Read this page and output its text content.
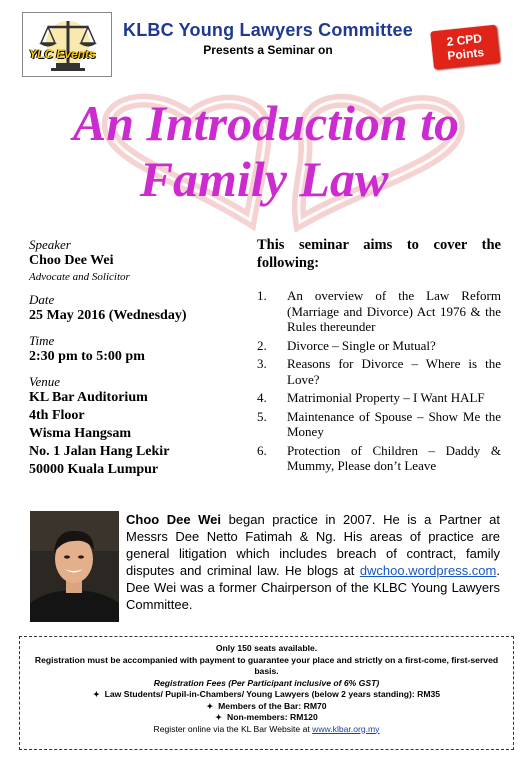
YLC Events
KLBC Young Lawyers Committee
Presents a Seminar on
2 CPD
Points
An Introduction to
Family Law
Speaker
Choo Dee Wei
Advocate and Solicitor
Date
25 May 2016 (Wednesday)
Time
2:30 pm to 5:00 pm
Venue
KL Bar Auditorium
4th Floor
Wisma Hangsam
No. 1 Jalan Hang Lekir
50000 Kuala Lumpur
This seminar aims to cover the
following:
1.	An overview of the Law Reform (Marriage and Divorce) Act 1976 & the Rules thereunder
2.	Divorce – Single or Mutual?
3.	Reasons for Divorce – Where is the Love?
4.	Matrimonial Property – I Want HALF
5.	Maintenance of Spouse – Show Me the Money
6.	Protection of Children – Daddy & Mummy, Please don’t Leave
Choo Dee Wei began practice in 2007. He is a Partner at Messrs Dee Netto Fatimah & Ng. His areas of practice are general litigation which includes breach of contract, family disputes and criminal law. He blogs at dwchoo.wordpress.com. Dee Wei was a former Chairperson of the KLBC Young Lawyers Committee.
Only 150 seats available.
Registration must be accompanied with payment to guarantee your place and strictly on a first-come, first-served basis.
Registration Fees (Per Participant inclusive of 6% GST)
✦ Law Students/ Pupil-in-Chambers/ Young Lawyers (below 2 years standing): RM35
✦ Members of the Bar: RM70
✦ Non-members: RM120
Register online via the KL Bar Website at www.klbar.org.my
